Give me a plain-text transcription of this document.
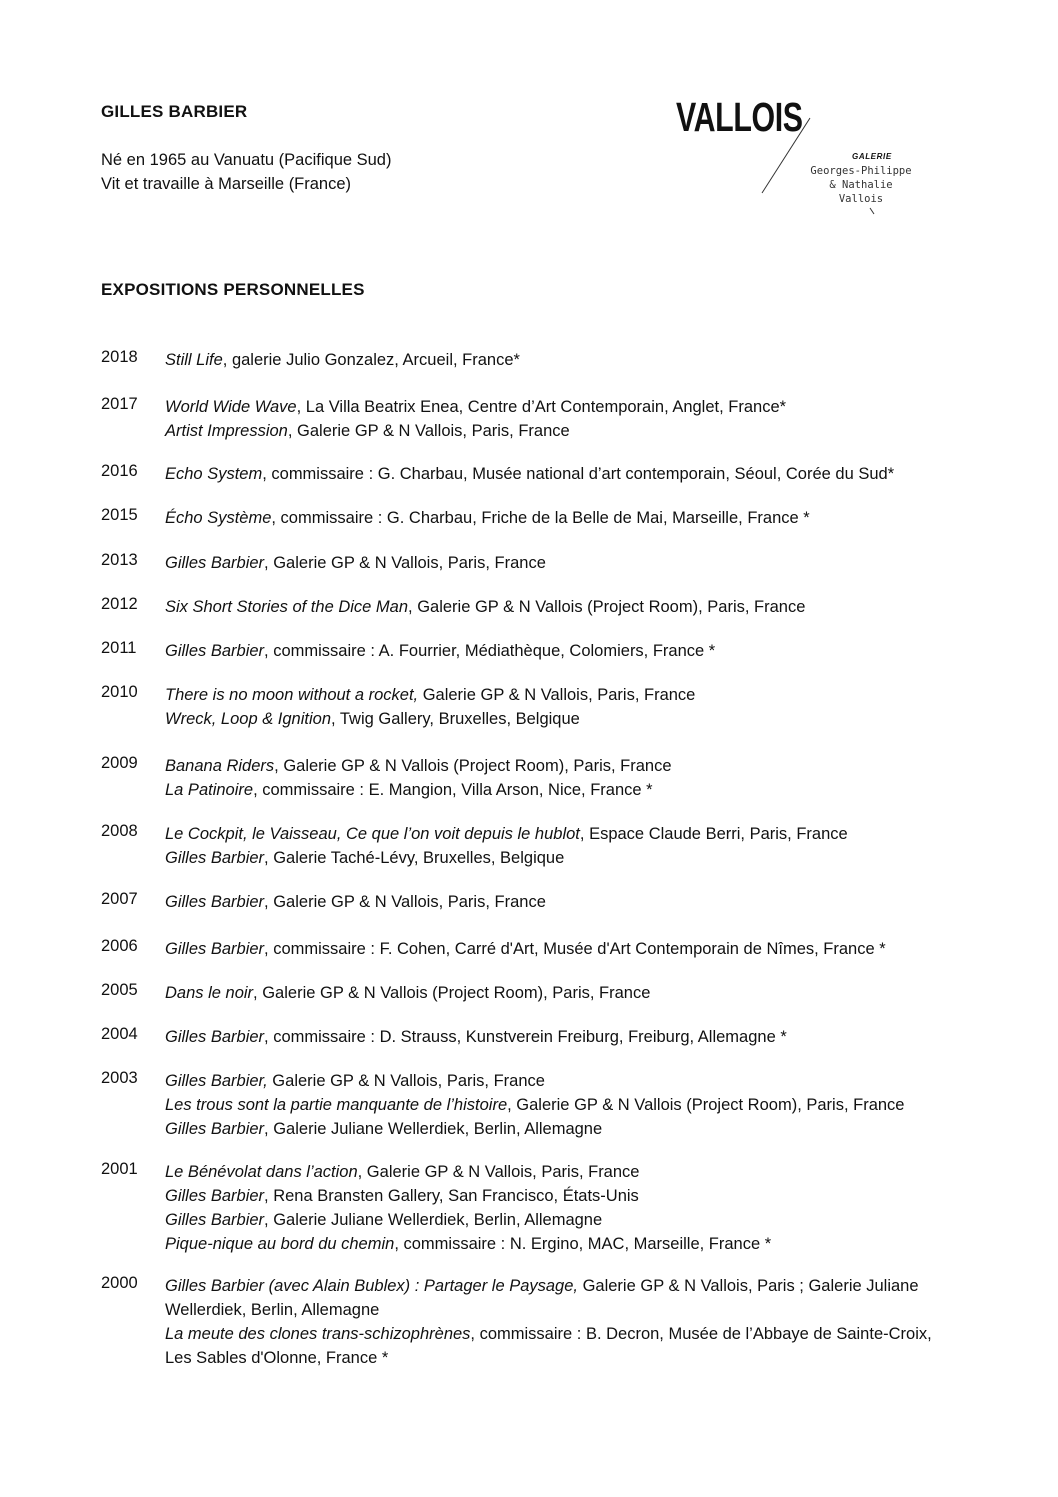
GILLES BARBIER
Né en 1965 au Vanuatu (Pacifique Sud)
Vit et travaille à Marseille (France)
VALLOIS
GALERIE
Georges-Philippe
& Nathalie
Vallois
EXPOSITIONS PERSONNELLES
2018	Still Life, galerie Julio Gonzalez, Arcueil, France*
2017	World Wide Wave, La Villa Beatrix Enea, Centre d’Art Contemporain, Anglet, France*
Artist Impression, Galerie GP & N Vallois, Paris, France
2016	Echo System, commissaire : G. Charbau, Musée national d’art contemporain, Séoul, Corée du Sud*
2015	Écho Système, commissaire : G. Charbau, Friche de la Belle de Mai, Marseille, France *
2013	Gilles Barbier, Galerie GP & N Vallois, Paris, France
2012	Six Short Stories of the Dice Man, Galerie GP & N Vallois (Project Room), Paris, France
2011	Gilles Barbier, commissaire : A. Fourrier, Médiathèque, Colomiers, France *
2010	There is no moon without a rocket, Galerie GP & N Vallois, Paris, France
Wreck, Loop & Ignition, Twig Gallery, Bruxelles, Belgique
2009	Banana Riders, Galerie GP & N Vallois (Project Room), Paris, France
La Patinoire, commissaire : E. Mangion, Villa Arson, Nice, France *
2008	Le Cockpit, le Vaisseau, Ce que l’on voit depuis le hublot, Espace Claude Berri, Paris, France
Gilles Barbier, Galerie Taché-Lévy, Bruxelles, Belgique
2007	Gilles Barbier, Galerie GP & N Vallois, Paris, France
2006	Gilles Barbier, commissaire : F. Cohen, Carré d'Art, Musée d'Art Contemporain de Nîmes, France *
2005	Dans le noir, Galerie GP & N Vallois (Project Room), Paris, France
2004	Gilles Barbier, commissaire : D. Strauss, Kunstverein Freiburg, Freiburg, Allemagne *
2003	Gilles Barbier, Galerie GP & N Vallois, Paris, France
Les trous sont la partie manquante de l’histoire, Galerie GP & N Vallois (Project Room), Paris, France
Gilles Barbier, Galerie Juliane Wellerdiek, Berlin, Allemagne
2001	Le Bénévolat dans l’action, Galerie GP & N Vallois, Paris, France
Gilles Barbier, Rena Bransten Gallery, San Francisco, États-Unis
Gilles Barbier, Galerie Juliane Wellerdiek, Berlin, Allemagne
Pique-nique au bord du chemin, commissaire : N. Ergino, MAC, Marseille, France *
2000	Gilles Barbier (avec Alain Bublex) : Partager le Paysage, Galerie GP & N Vallois, Paris ; Galerie Juliane
Wellerdiek, Berlin, Allemagne
La meute des clones trans-schizophrènes, commissaire : B. Decron, Musée de l’Abbaye de Sainte-Croix,
Les Sables d'Olonne, France *
